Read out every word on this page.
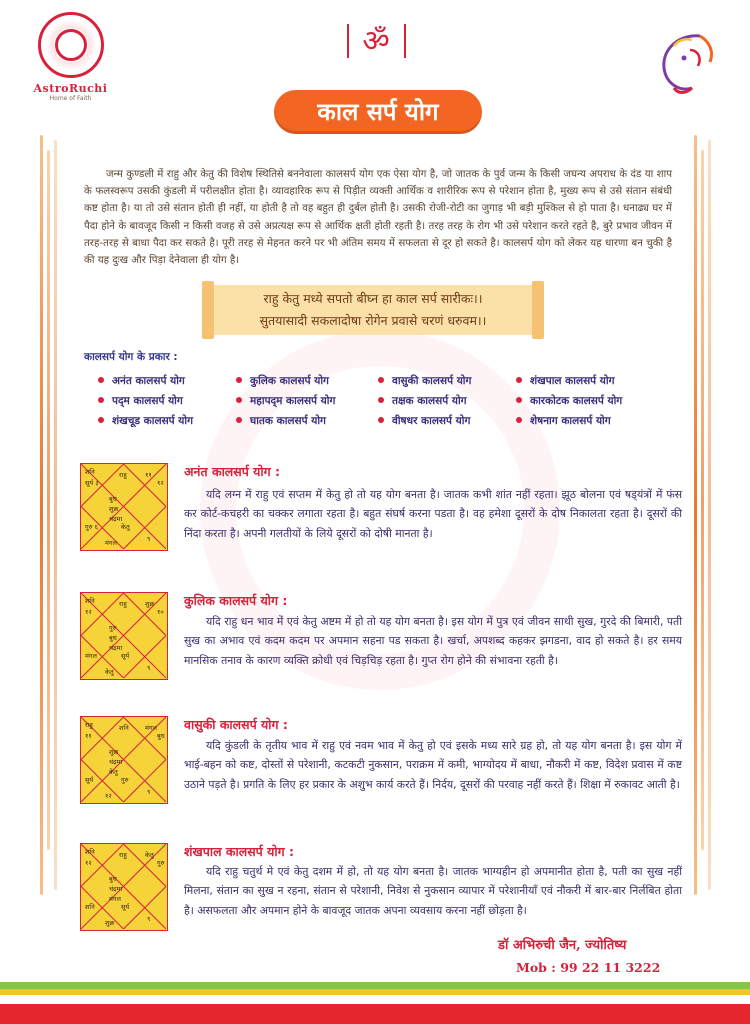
AstroRuchi
Home of Faith
ॐ
काल सर्प योग
जन्म कुण्डली में राहु और केतु की विशेष स्थितिसे बननेवाला कालसर्प योग एक ऐसा योग है, जो जातक के पुर्व जन्म के किसी जघन्य अपराध के दंड या शाप के फलस्वरूप उसकी कुंडली में परीलक्षीत होता है। व्यावहारिक रूप से पिड़ीत व्यक्ती आर्थिक व शारीरिक रूप से परेशान होता है, मुख्य रूप से उसे संतान संबंधी कष्ट होता है। या तो उसे संतान होती ही नहीं, या होती है तो वह बहुत ही दुर्बल होती है। उसकी रोजी-रोटी का जुगाड़ भी बड़ी मुश्किल से हो पाता है। धनाढ्य घर में पैदा होने के बावजूद किसी न किसी वजह से उसे अप्रत्यक्ष रूप से आर्थिक क्षती होती रहती है। तरह तरह के रोग भी उसे परेशान करते रहते है, बुरे प्रभाव जीवन में तरह-तरह से बाधा पैदा कर सकते है। पूरी तरह से मेहनत करने पर भी अंतिम समय में सफलता से दूर हो सकते है। कालसर्प योग को लेकर यह धारणा बन चुकी है की यह दुःख और पिड़ा देनेवाला ही योग है।
राहु केतु मध्ये सपतो बीघ्न हा काल सर्प सारीकः।।
सुतयासादी सकलादोषा रोगेन प्रवासे चरणं धरुवम।।
कालसर्प योग के प्रकार :
अनंत कालसर्प योग	कुलिक कालसर्प योग	वासुकी कालसर्प योग	शंखपाल कालसर्प योग
पद्‌म कालसर्प योग	महापद्‌म कालसर्प योग	तक्षक कालसर्प योग	कारकोटक कालसर्प योग
शंखचूड कालसर्प योग	घातक कालसर्प योग	वीषधर कालसर्प योग	शेषनाग कालसर्प योग
शनि
सूर्य ३
राहु	११
१२
बुध
शुक्र
चंद्रमा
गुरु ६	केतु
मंगल	९
अनंत कालसर्प योग :
यदि लग्न में राहु एवं सप्तम में केतु हो तो यह योग बनता है। जातक कभी शांत नहीं रहता। झूठ बोलना एवं षड्‌यंत्रों में फंस कर कोर्ट-कचहरी का चक्कर लगाता रहता है। बहुत संघर्ष करना पडता है। वह हमेशा दूसरों के दोष निकालता रहता है। दूसरों की निंदा करता है। अपनी गलतीयों के लिये दूसरों को दोषी मानता है।
शनि
१२
राहु	शुक्र
१०
गुरु
बुध
चंद्रमा
मंगल	सूर्य
केतु	९
कुलिक कालसर्प योग :
यदि राहु धन भाव में एवं केतु अष्टम में हो तो यह योग बनता है। इस योग में पुत्र एवं जीवन साथी सुख, गुरदे की बिमारी, पती सुख का अभाव एवं कदम कदम पर अपमान सहना पड सकता है। खर्चा, अपशब्द कहकर झगडना, वाद हो सकते है। हर समय मानसिक तनाव के कारण व्यक्ति क्रोधी एवं चिड़चिड़ रहता है। गुप्त रोग होने की संभावना रहती है।
राहु
११
शनि	मंगल
बुध
शुक्र
चंद्रमा
केतु
सूर्य	गुरु
१२	९
वासुकी कालसर्प योग :
यदि कुंडली के तृतीय भाव में राहु एवं नवम भाव में केतु हो एवं इसके मध्य सारे ग्रह हो, तो यह योग बनता है। इस योग में भाई-बहन को कष्ट, दोस्तों से परेशानी, कटकटी नुकसान, पराक्रम में कमी, भाग्योदय में बाधा, नौकरी में कष्ट, विदेश प्रवास में कष्ट उठाने पड़ते है। प्रगति के लिए हर प्रकार के अशुभ कार्य करते हैं। निर्दय, दूसरों की परवाह नहीं करते हैं। शिक्षा में रुकावट आती है।
शनि
१२
राहु	केतु
गुरु
बुध
चंद्रमा
मंगल
शनि	सूर्य
शुक्र	९
शंखपाल कालसर्प योग :
यदि राहु चतुर्थ मे एवं केतु दशम में हो, तो यह योग बनता है। जातक भाग्यहीन हो अपमानीत होता है, पती का सुख नहीं मिलना, संतान का सुख न रहना, संतान से परेशानी, निवेश से नुकसान व्यापार में परेशानीयाँ एवं नौकरी में बार-बार निर्लबित होता है। असफलता और अपमान होने के बावजूद जातक अपना व्यवसाय करना नहीं छोड़ता है।
डॉ अभिरुची जैन, ज्योतिष्य
Mob : 99 22 11 3222
